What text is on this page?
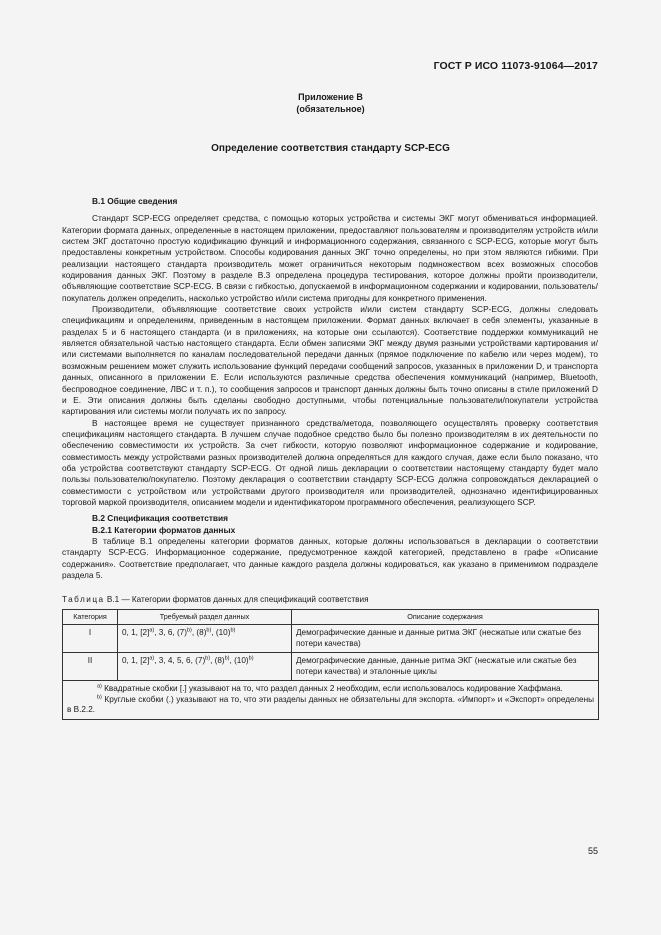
ГОСТ Р ИСО 11073-91064—2017
Приложение В
(обязательное)
Определение соответствия стандарту SCP-ECG

В.1 Общие сведения

Стандарт SCP-ECG определяет средства, с помощью которых устройства и системы ЭКГ могут обмениваться информацией. Категории формата данных, определенные в настоящем приложении, предоставляют пользователям и производителям устройств и/или систем ЭКГ достаточно простую кодификацию функций и информационного содержания, связанного с SCP-ECG, которые могут быть предоставлены конкретным устройством. Способы кодирования данных ЭКГ точно определены, но при этом являются гибкими. При реализации настоящего стандарта производитель может ограничиться некоторым подмножеством всех возможных способов кодирования данных ЭКГ. Поэтому в разделе В.3 определена процедура тестирования, которое должны пройти производители, объявляющие соответствие SCP-ECG. В связи с гибкостью, допускаемой в информационном содержании и кодировании, пользователь/покупатель должен определить, насколько устройство и/или система пригодны для конкретного применения.

Производители, объявляющие соответствие своих устройств и/или систем стандарту SCP-ECG, должны следовать спецификациям и определениям, приведенным в настоящем приложении. Формат данных включает в себя элементы, указанные в разделах 5 и 6 настоящего стандарта (и в приложениях, на которые они ссылаются). Соответствие поддержки коммуникаций не является обязательной частью настоящего стандарта. Если обмен записями ЭКГ между двумя разными устройствами картирования и/или системами выполняется по каналам последовательной передачи данных (прямое подключение по кабелю или через модем), то возможным решением может служить использование функций передачи сообщений запросов, указанных в приложении D, и транспорта данных, описанного в приложении Е. Если используются различные средства обеспечения коммуникаций (например, Bluetooth, беспроводное соединение, ЛВС и т. п.), то сообщения запросов и транспорт данных должны быть точно описаны в стиле приложений D и Е. Эти описания должны быть сделаны свободно доступными, чтобы потенциальные пользователи/покупатели устройства картирования или системы могли получать их по запросу.

В настоящее время не существует признанного средства/метода, позволяющего осуществлять проверку соответствия спецификациям настоящего стандарта. В лучшем случае подобное средство было бы полезно производителям в их деятельности по обеспечению совместимости их устройств. За счет гибкости, которую позволяют информационное содержание и кодирование, совместимость между устройствами разных производителей должна определяться для каждого случая, даже если было показано, что оба устройства соответствуют стандарту SCP-ECG. От одной лишь декларации о соответствии настоящему стандарту будет мало пользы пользователю/покупателю. Поэтому декларация о соответствии стандарту SCP-ECG должна сопровождаться декларацией о совместимости с устройством или устройствами другого производителя или производителей, однозначно идентифицированных торговой маркой производителя, описанием модели и идентификатором программного обеспечения, реализующего SCP.

В.2 Спецификация соответствия

В.2.1 Категории форматов данных

В таблице В.1 определены категории форматов данных, которые должны использоваться в декларации о соответствии стандарту SCP-ECG. Информационное содержание, предусмотренное каждой категорией, представлено в графе «Описание содержания». Соответствие предполагает, что данные каждого раздела должны кодироваться, как указано в применимом подразделе раздела 5.

Таблица В.1 — Категории форматов данных для спецификаций соответствия
Категория	Требуемый раздел данных	Описание содержания
I	0, 1, $[2]^{a)}$, 3, 6, $(7)^{b)}$, $(8)^{b)}$, $(10)^{b)}$	Демографические данные и данные ритма ЭКГ (несжатые или сжатые без потери качества)
II	0, 1, $[2]^{a)}$, 3, 4, 5, 6, $(7)^{b)}$, $(8)^{b)}$, $(10)^{b)}$	Демографические данные, данные ритма ЭКГ (несжатые или сжатые без потери качества) и эталонные циклы

$^{a)}$ Квадратные скобки [.] указывают на то, что раздел данных 2 необходим, если использовалось кодирование Хаффмана.

$^{b)}$ Круглые скобки (.) указывают на то, что эти разделы данных не обязательны для экспорта. «Импорт» и «Экспорт» определены в В.2.2.		

55
